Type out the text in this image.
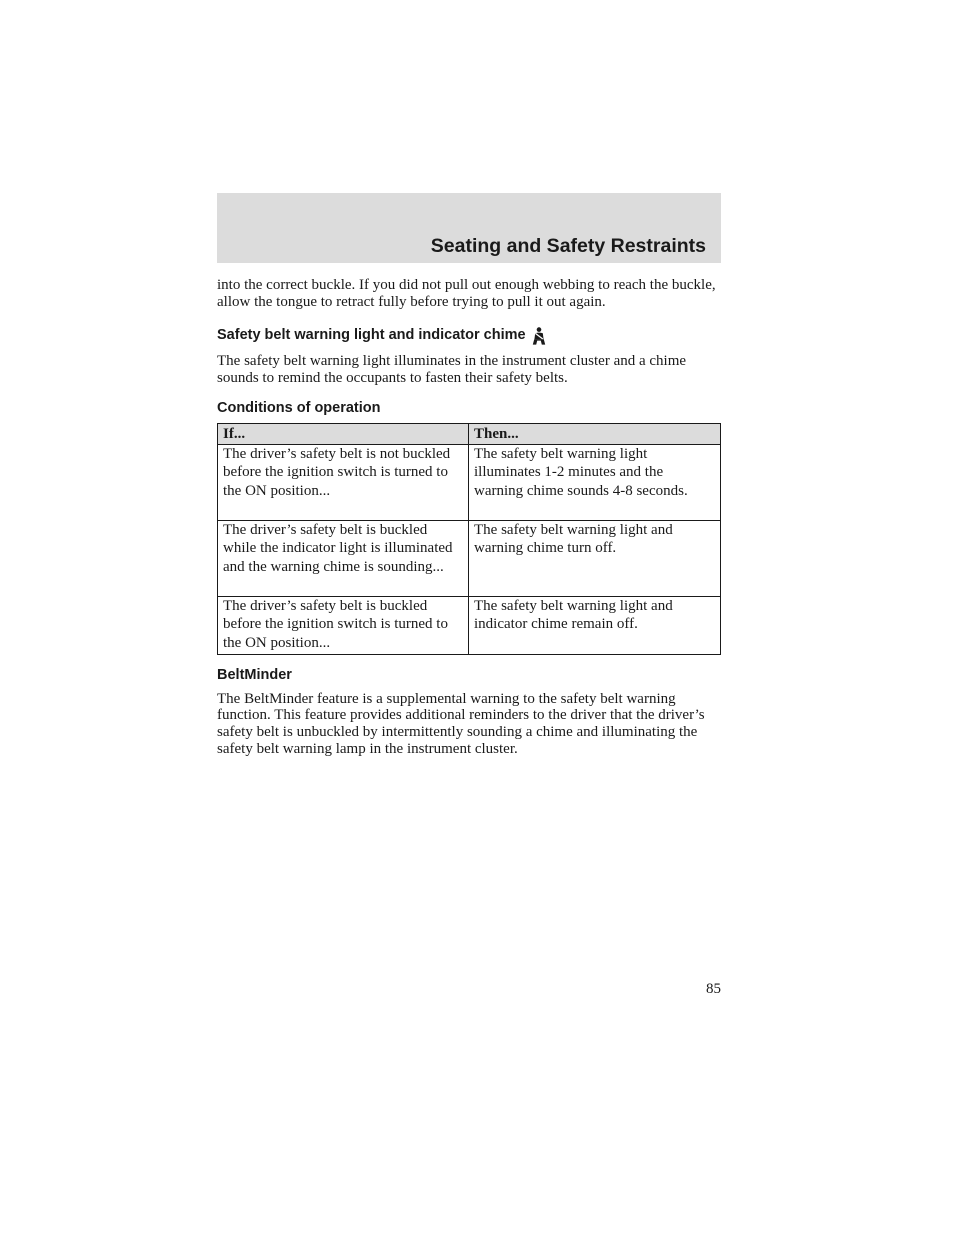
Seating and Safety Restraints

into the correct buckle. If you did not pull out enough webbing to reach the buckle, allow the tongue to retract fully before trying to pull it out again.

Safety belt warning light and indicator chime

The safety belt warning light illuminates in the instrument cluster and a chime sounds to remind the occupants to fasten their safety belts.

Conditions of operation
If...	Then...
The driver’s safety belt is not buckled before the ignition switch is turned to the ON position...	The safety belt warning light illuminates 1-2 minutes and the warning chime sounds 4-8 seconds.
The driver’s safety belt is buckled while the indicator light is illuminated and the warning chime is sounding...	The safety belt warning light and warning chime turn off.
The driver’s safety belt is buckled before the ignition switch is turned to the ON position...	The safety belt warning light and indicator chime remain off.
BeltMinder

The BeltMinder feature is a supplemental warning to the safety belt warning function. This feature provides additional reminders to the driver that the driver’s safety belt is unbuckled by intermittently sounding a chime and illuminating the safety belt warning lamp in the instrument cluster.

85
